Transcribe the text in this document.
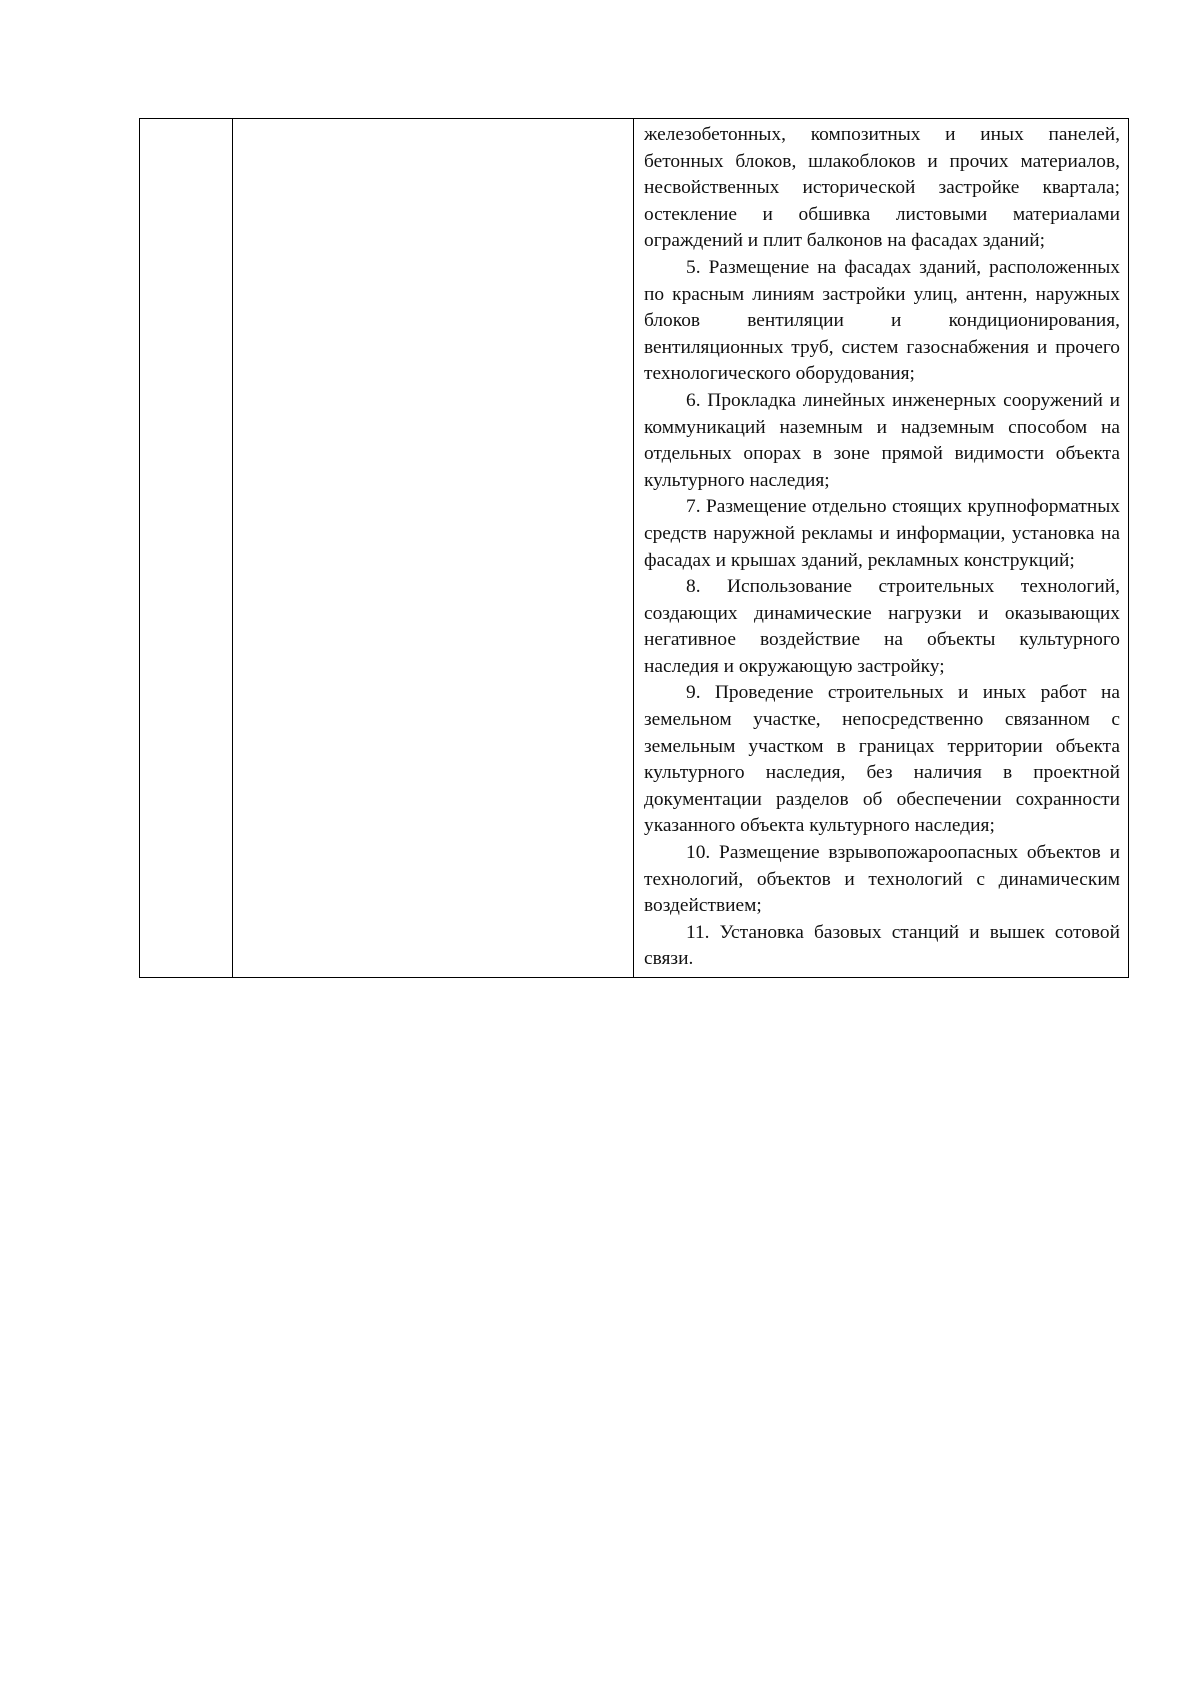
железобетонных, композитных и иных панелей, бетонных блоков, шлакоблоков и прочих материалов, несвойственных исторической застройке квартала; остекление и обшивка листовыми материалами ограждений и плит балконов на фасадах зданий;

5. Размещение на фасадах зданий, расположенных по красным линиям застройки улиц, антенн, наружных блоков вентиляции и кондиционирования, вентиляционных труб, систем газоснабжения и прочего технологического оборудования;

6. Прокладка линейных инженерных сооружений и коммуникаций наземным и надземным способом на отдельных опорах в зоне прямой видимости объекта культурного наследия;

7. Размещение отдельно стоящих крупноформатных средств наружной рекламы и информации, установка на фасадах и крышах зданий, рекламных конструкций;

8. Использование строительных технологий, создающих динамические нагрузки и оказывающих негативное воздействие на объекты культурного наследия и окружающую застройку;

9. Проведение строительных и иных работ на земельном участке, непосредственно связанном с земельным участком в границах территории объекта культурного наследия, без наличия в проектной документации разделов об обеспечении сохранности указанного объекта культурного наследия;

10. Размещение взрывопожароопасных объектов и технологий, объектов и технологий с динамическим воздействием;

11. Установка базовых станций и вышек сотовой связи.
